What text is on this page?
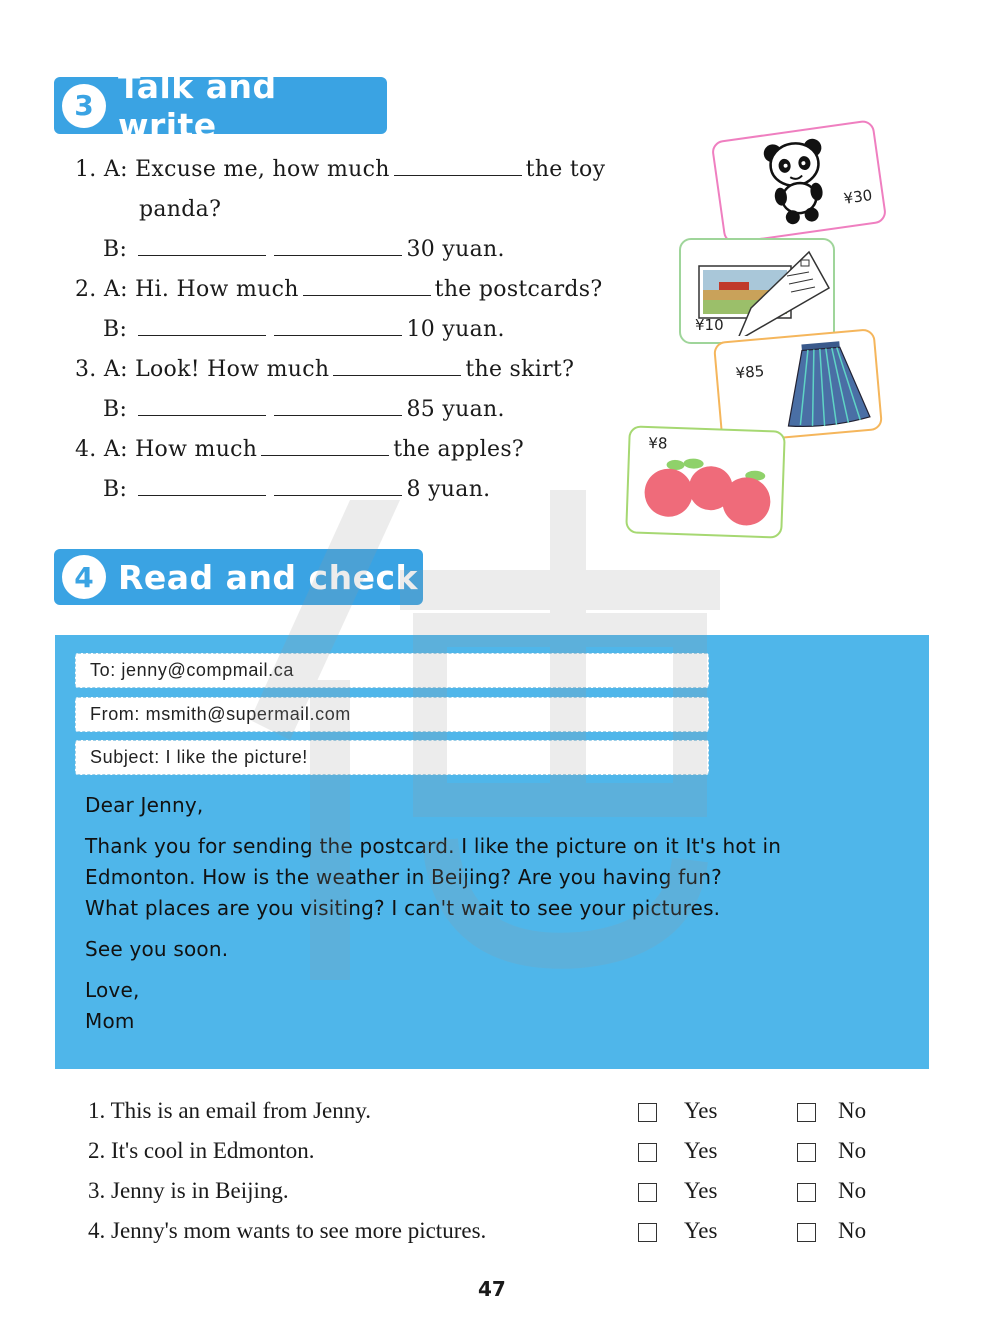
3 Talk and write
1. A: Excuse me, how much	the toy
panda?
B:	30 yuan.
2. A: Hi. How much	the postcards?
B:	10 yuan.
3. A: Look! How much	the skirt?
B:	85 yuan.
4. A: How much	the apples?
B:	8 yuan.
¥30
¥10
¥85
¥8
4 Read and check
To: jenny@compmail.ca
From: msmith@supermail.com
Subject: I like the picture!
Dear Jenny,
Thank you for sending the postcard. I like the picture on it It's hot in
Edmonton. How is the weather in Beijing? Are you having fun?
What places are you visiting? I can't wait to see your pictures.
See you soon.
Love,
Mom
1. This is an email from Jenny.	Yes	No
2. It's cool in Edmonton.	Yes	No
3. Jenny is in Beijing.	Yes	No
4. Jenny's mom wants to see more pictures.	Yes	No
47
